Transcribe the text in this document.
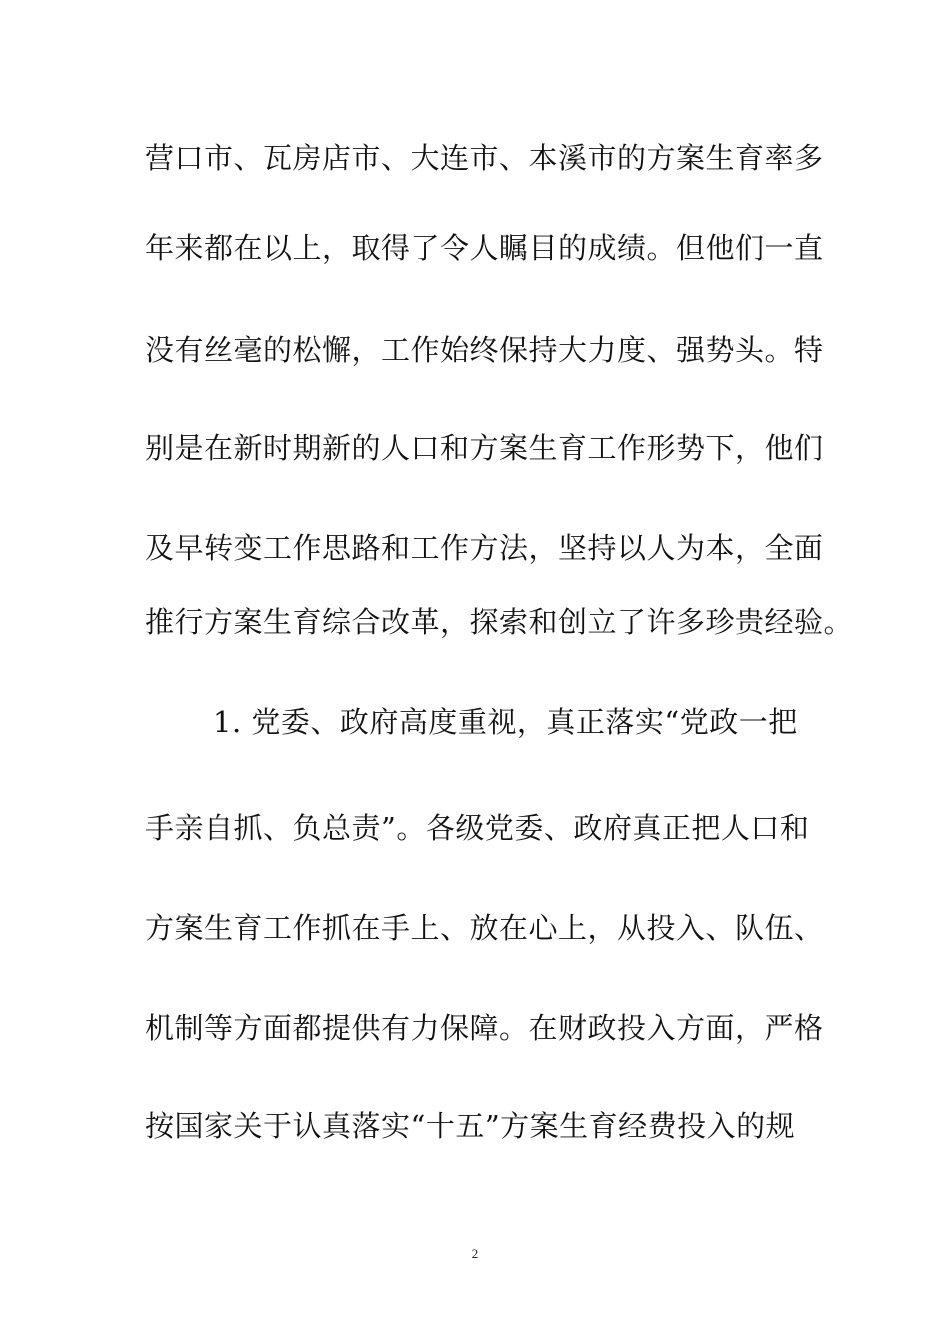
营口市、瓦房店市、大连市、本溪市的方案生育率多
年来都在以上，取得了令人瞩目的成绩。但他们一直
没有丝毫的松懈，工作始终保持大力度、强势头。特
别是在新时期新的人口和方案生育工作形势下，他们
及早转变工作思路和工作方法，坚持以人为本，全面
推行方案生育综合改革，探索和创立了许多珍贵经验。
1. 党委、政府高度重视，真正落实“党政一把
手亲自抓、负总责”。各级党委、政府真正把人口和
方案生育工作抓在手上、放在心上，从投入、队伍、
机制等方面都提供有力保障。在财政投入方面，严格
按国家关于认真落实“十五”方案生育经费投入的规
2
